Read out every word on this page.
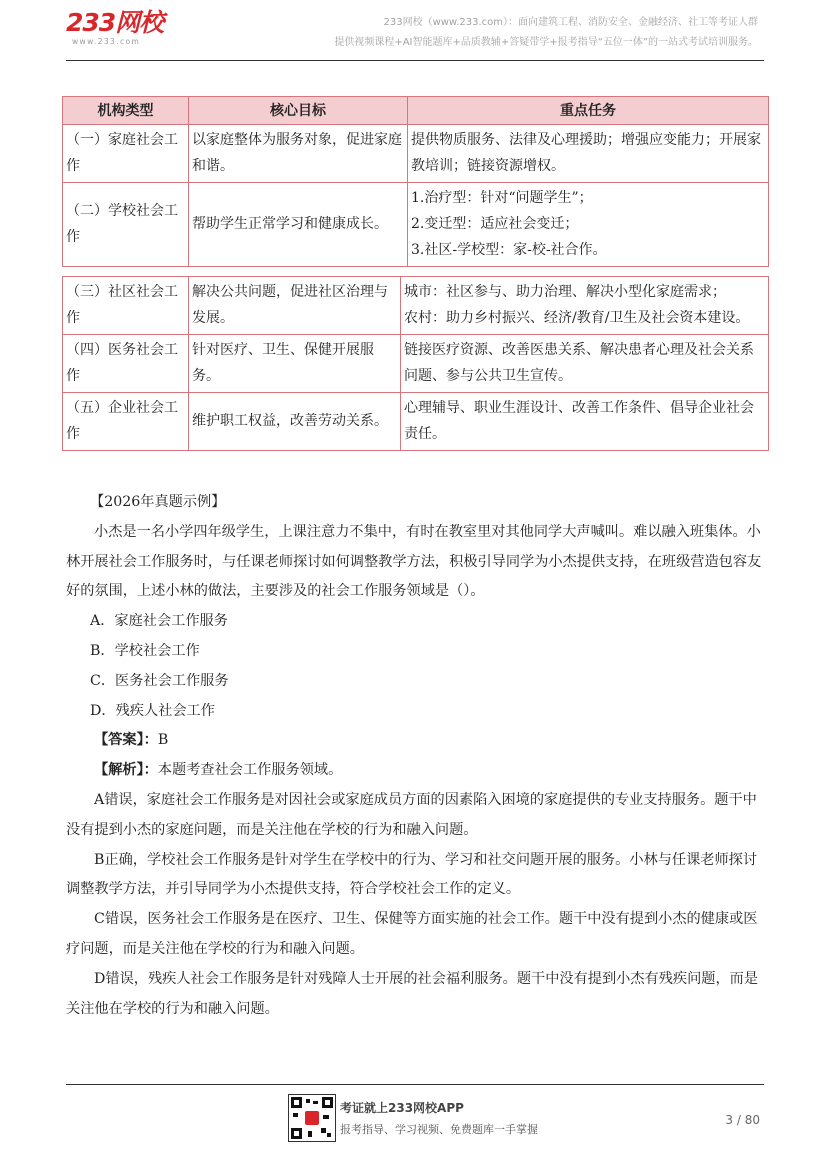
233网校
www.233.com
233网校（www.233.com）：面向建筑工程、消防安全、金融经济、社工等考证人群
提供视频课程+AI智能题库+品质教辅+答疑带学+报考指导“五位一体”的一站式考试培训服务。
机构类型	核心目标	重点任务
（一）家庭社会工作	以家庭整体为服务对象，促进家庭和谐。	提供物质服务、法律及心理援助；增强应变能力；开展家教培训；链接资源增权。

（二）学校社会工作	帮助学生正常学习和健康成长。	1.治疗型：针对“问题学生”；
2.变迁型：适应社会变迁；
3.社区-学校型：家-校-社合作。
（三）社区社会工作	解决公共问题，促进社区治理与发展。	城市：社区参与、助力治理、解决小型化家庭需求；
农村：助力乡村振兴、经济/教育/卫生及社会资本建设。

（四）医务社会工作	针对医疗、卫生、保健开展服务。	链接医疗资源、改善医患关系、解决患者心理及社会关系问题、参与公共卫生宣传。

（五）企业社会工作	维护职工权益，改善劳动关系。	心理辅导、职业生涯设计、改善工作条件、倡导企业社会责任。

【2026年真题示例】

小杰是一名小学四年级学生，上课注意力不集中，有时在教室里对其他同学大声喊叫。难以融入班集体。小林开展社会工作服务时，与任课老师探讨如何调整教学方法，积极引导同学为小杰提供支持，在班级营造包容友好的氛围，上述小林的做法，主要涉及的社会工作服务领域是（）。

A．家庭社会工作服务

B．学校社会工作

C．医务社会工作服务

D．残疾人社会工作

【答案】：B

【解析】：本题考查社会工作服务领域。

A错误，家庭社会工作服务是对因社会或家庭成员方面的因素陷入困境的家庭提供的专业支持服务。题干中没有提到小杰的家庭问题，而是关注他在学校的行为和融入问题。

B正确，学校社会工作服务是针对学生在学校中的行为、学习和社交问题开展的服务。小林与任课老师探讨调整教学方法，并引导同学为小杰提供支持，符合学校社会工作的定义。

C错误，医务社会工作服务是在医疗、卫生、保健等方面实施的社会工作。题干中没有提到小杰的健康或医疗问题，而是关注他在学校的行为和融入问题。

D错误，残疾人社会工作服务是针对残障人士开展的社会福利服务。题干中没有提到小杰有残疾问题，而是关注他在学校的行为和融入问题。

考证就上233网校APP
报考指导、学习视频、免费题库一手掌握
3 / 80
